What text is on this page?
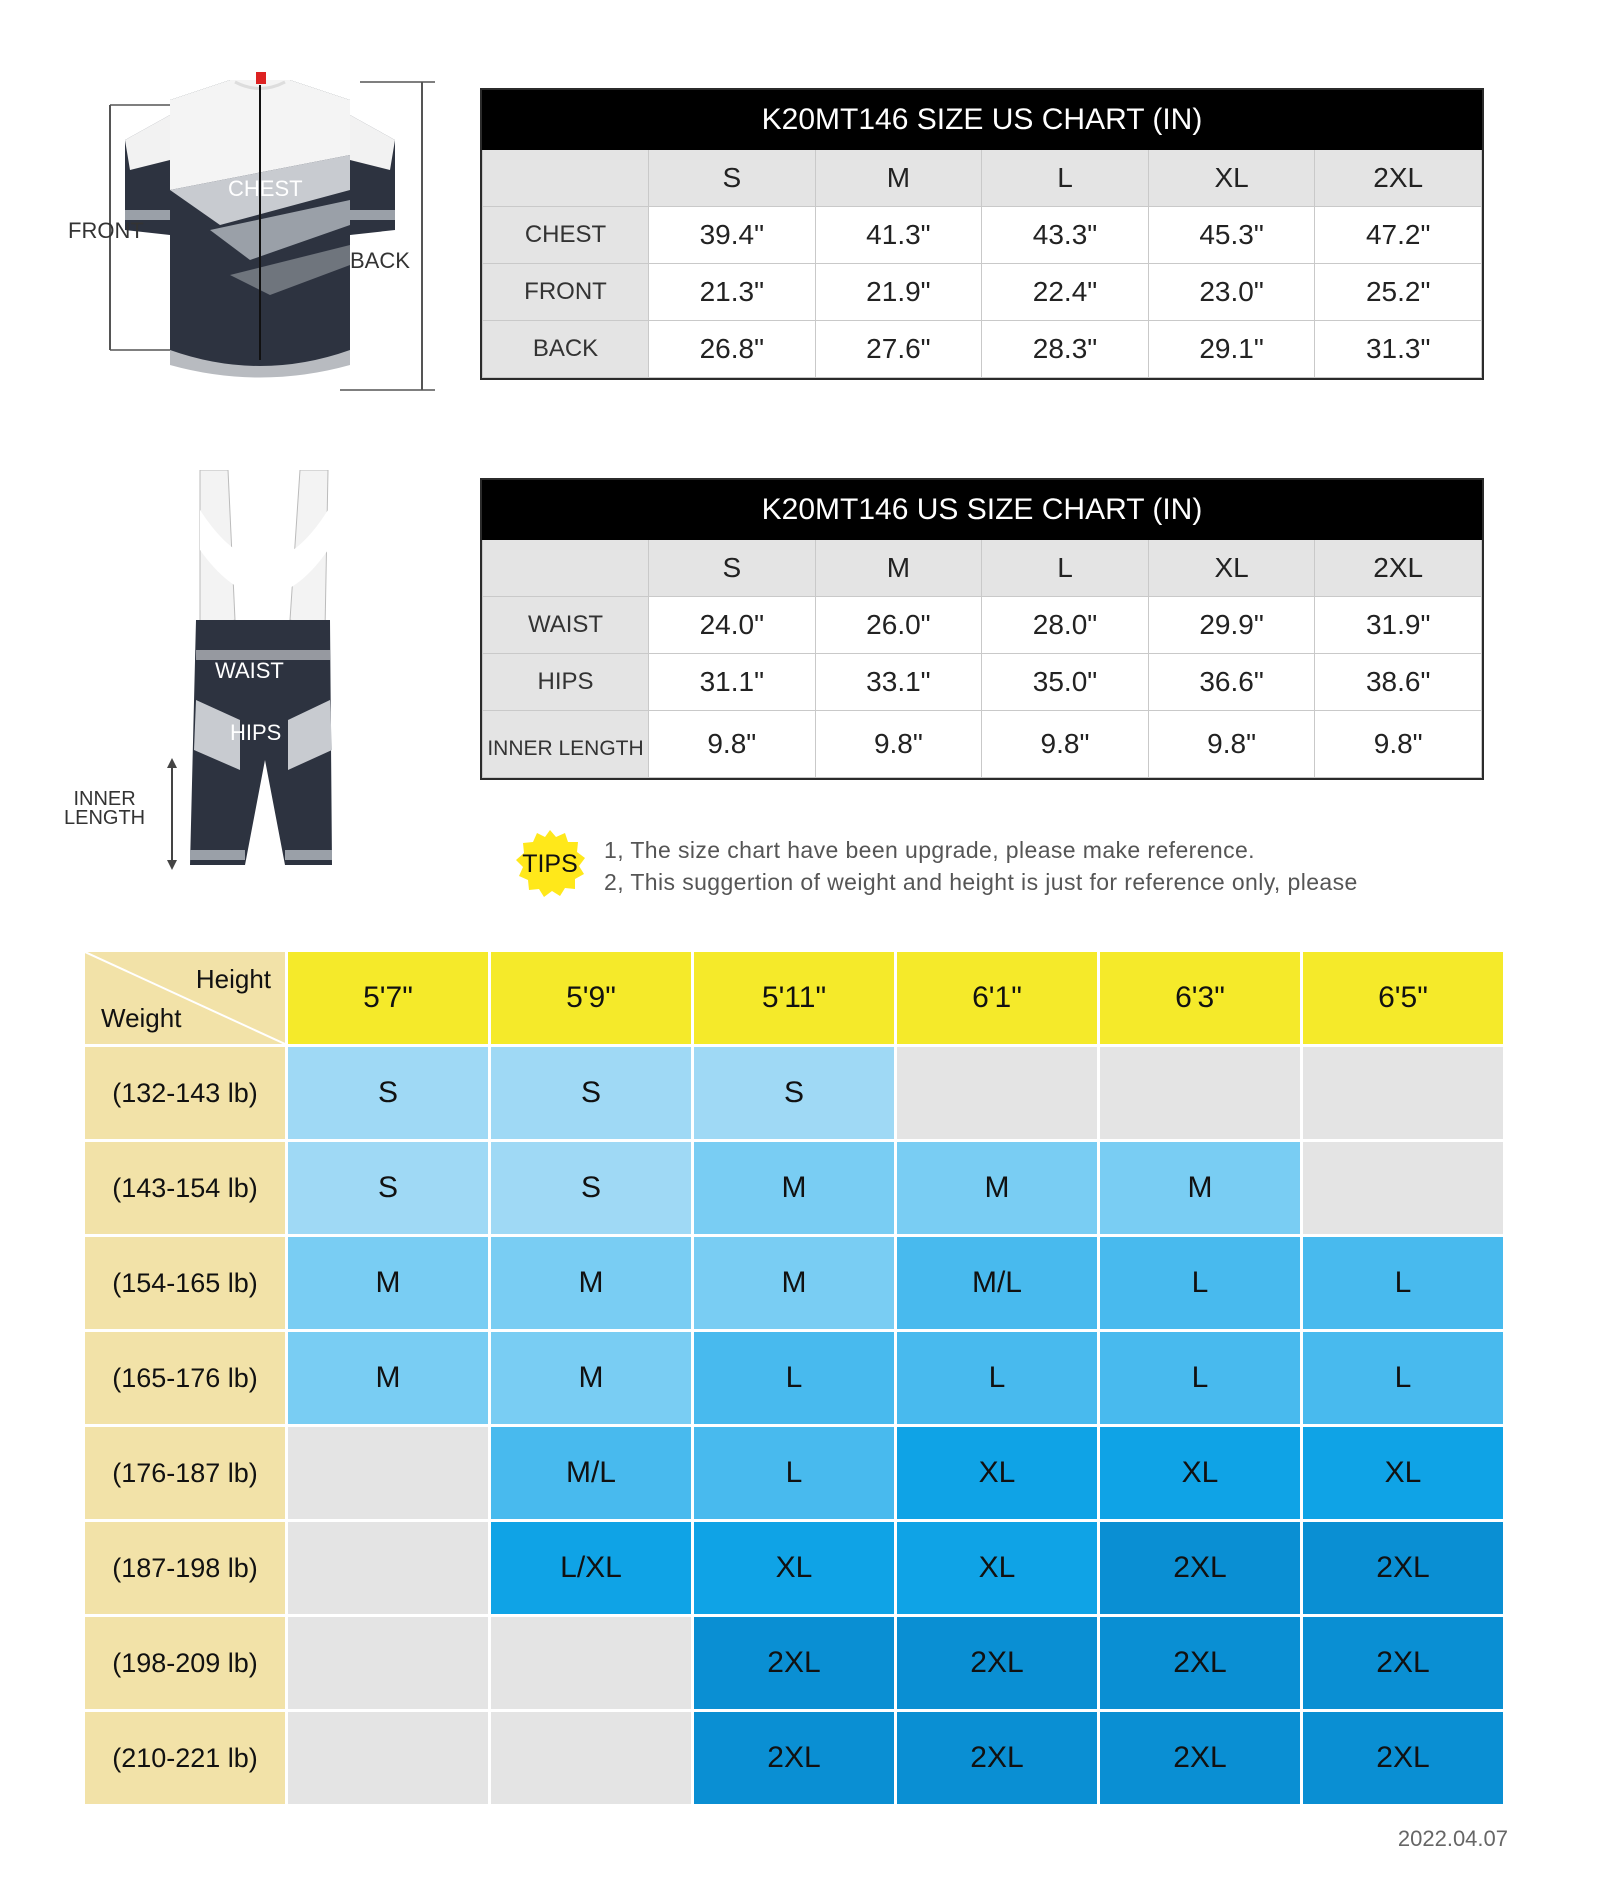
FRONT
BACK
CHEST
WAIST
HIPS
INNER
LENGTH
K20MT146 SIZE US CHART (IN)					
	S	M	L	XL	2XL
CHEST	39.4"	41.3"	43.3"	45.3"	47.2"
FRONT	21.3"	21.9"	22.4"	23.0"	25.2"
BACK	26.8"	27.6"	28.3"	29.1"	31.3"
K20MT146 US SIZE CHART (IN)					
	S	M	L	XL	2XL
WAIST	24.0"	26.0"	28.0"	29.9"	31.9"
HIPS	31.1"	33.1"	35.0"	36.6"	38.6"
INNER LENGTH	9.8"	9.8"	9.8"	9.8"	9.8"
TIPS 1, The size chart have been upgrade, please make reference.
2, This suggertion of weight and height is just for reference only, please
Height
Weight	5'7"	5'9"	5'11"	6'1"	6'3"	6'5"
(132-143 lb)	S	S	S			
(143-154 lb)	S	S	M	M	M	
(154-165 lb)	M	M	M	M/L	L	L
(165-176 lb)	M	M	L	L	L	L
(176-187 lb)		M/L	L	XL	XL	XL
(187-198 lb)		L/XL	XL	XL	2XL	2XL
(198-209 lb)			2XL	2XL	2XL	2XL
(210-221 lb)			2XL	2XL	2XL	2XL
2022.04.07
